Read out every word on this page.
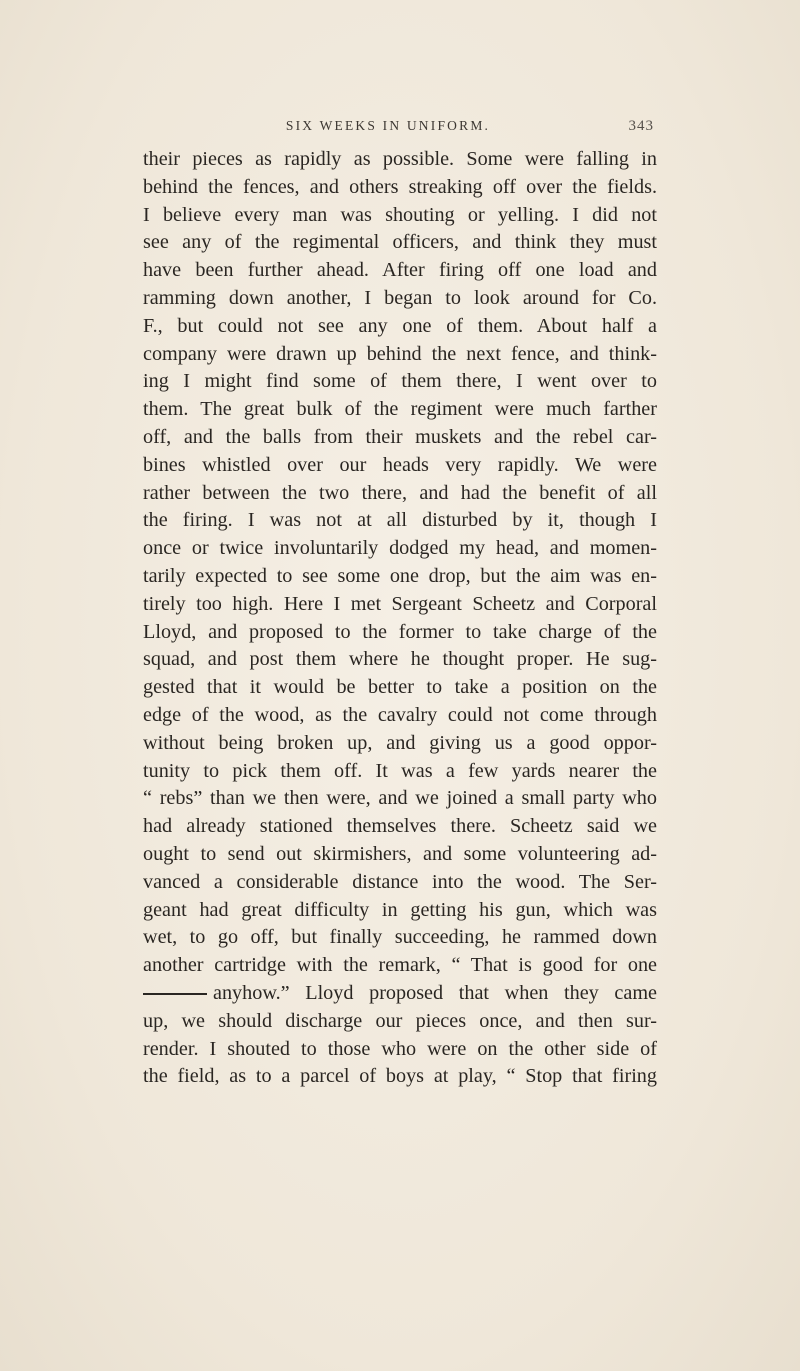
SIX WEEKS IN UNIFORM.	343
their pieces as rapidly as possible. Some were falling in
behind the fences, and others streaking off over the fields.
I believe every man was shouting or yelling. I did not
see any of the regimental officers, and think they must
have been further ahead. After firing off one load and
ramming down another, I began to look around for Co.
F., but could not see any one of them. About half a
company were drawn up behind the next fence, and think-
ing I might find some of them there, I went over to
them. The great bulk of the regiment were much farther
off, and the balls from their muskets and the rebel car-
bines whistled over our heads very rapidly. We were
rather between the two there, and had the benefit of all
the firing. I was not at all disturbed by it, though I
once or twice involuntarily dodged my head, and momen-
tarily expected to see some one drop, but the aim was en-
tirely too high. Here I met Sergeant Scheetz and Corporal
Lloyd, and proposed to the former to take charge of the
squad, and post them where he thought proper. He sug-
gested that it would be better to take a position on the
edge of the wood, as the cavalry could not come through
without being broken up, and giving us a good oppor-
tunity to pick them off. It was a few yards nearer the
“ rebs” than we then were, and we joined a small party who
had already stationed themselves there. Scheetz said we
ought to send out skirmishers, and some volunteering ad-
vanced a considerable distance into the wood. The Ser-
geant had great difficulty in getting his gun, which was
wet, to go off, but finally succeeding, he rammed down
another cartridge with the remark, “ That is good for one
anyhow.” Lloyd proposed that when they came
up, we should discharge our pieces once, and then sur-
render. I shouted to those who were on the other side of
the field, as to a parcel of boys at play, “ Stop that firing
